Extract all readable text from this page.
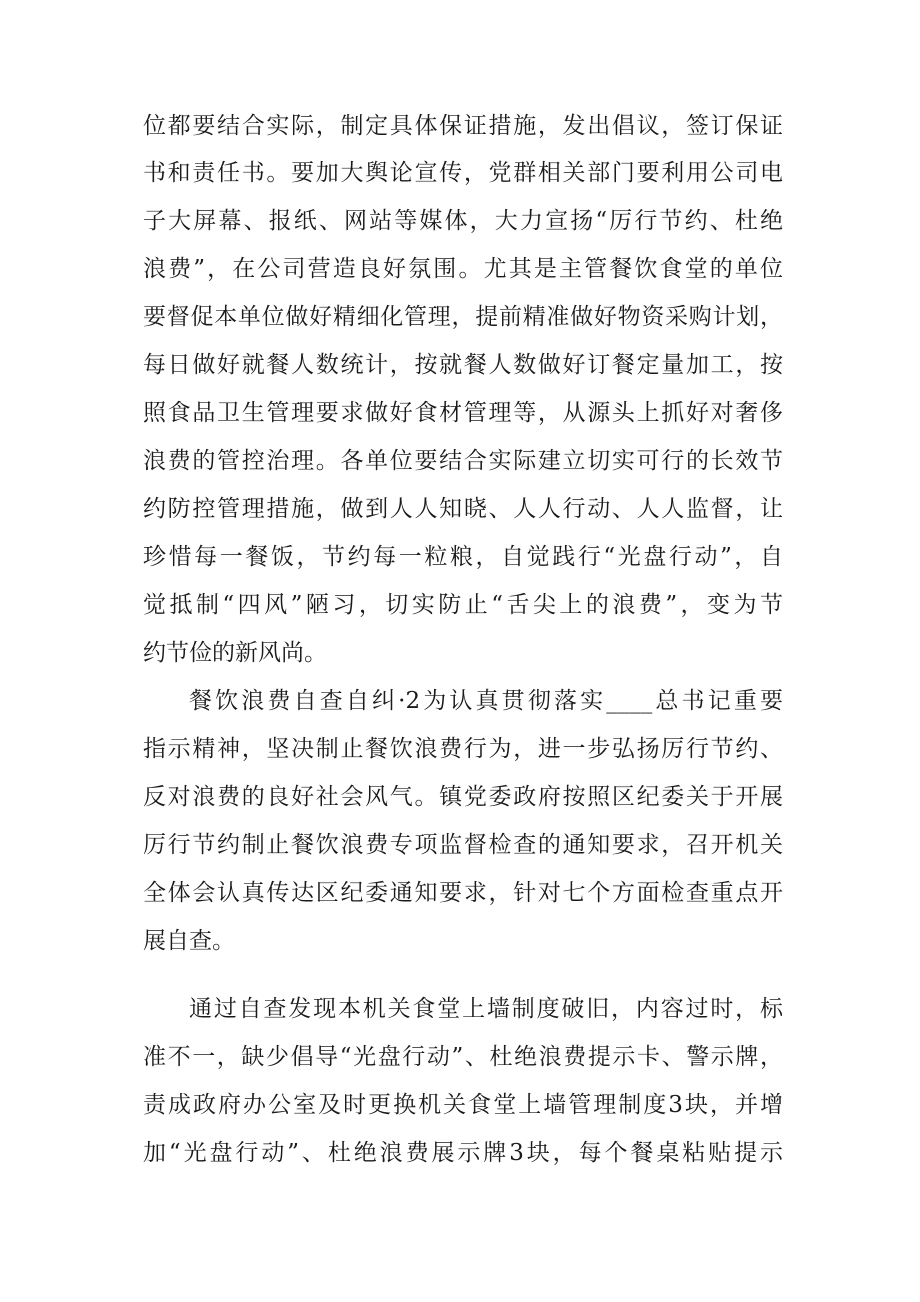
位都要结合实际，制定具体保证措施，发出倡议，签订保证
书和责任书。要加大舆论宣传，党群相关部门要利用公司电
子大屏幕、报纸、网站等媒体，大力宣扬“厉行节约、杜绝
浪费”，在公司营造良好氛围。尤其是主管餐饮食堂的单位
要督促本单位做好精细化管理，提前精准做好物资采购计划，
每日做好就餐人数统计，按就餐人数做好订餐定量加工，按
照食品卫生管理要求做好食材管理等，从源头上抓好对奢侈
浪费的管控治理。各单位要结合实际建立切实可行的长效节
约防控管理措施，做到人人知晓、人人行动、人人监督，让
珍惜每一餐饭，节约每一粒粮，自觉践行“光盘行动”，自
觉抵制“四风”陋习，切实防止“舌尖上的浪费”，变为节
约节俭的新风尚。
餐饮浪费自查自纠·2为认真贯彻落实____总书记重要
指示精神，坚决制止餐饮浪费行为，进一步弘扬厉行节约、
反对浪费的良好社会风气。镇党委政府按照区纪委关于开展
厉行节约制止餐饮浪费专项监督检查的通知要求，召开机关
全体会认真传达区纪委通知要求，针对七个方面检查重点开
展自查。
通过自查发现本机关食堂上墙制度破旧，内容过时，标
准不一，缺少倡导“光盘行动”、杜绝浪费提示卡、警示牌，
责成政府办公室及时更换机关食堂上墙管理制度3块，并增
加“光盘行动”、杜绝浪费展示牌3块，每个餐桌粘贴提示
